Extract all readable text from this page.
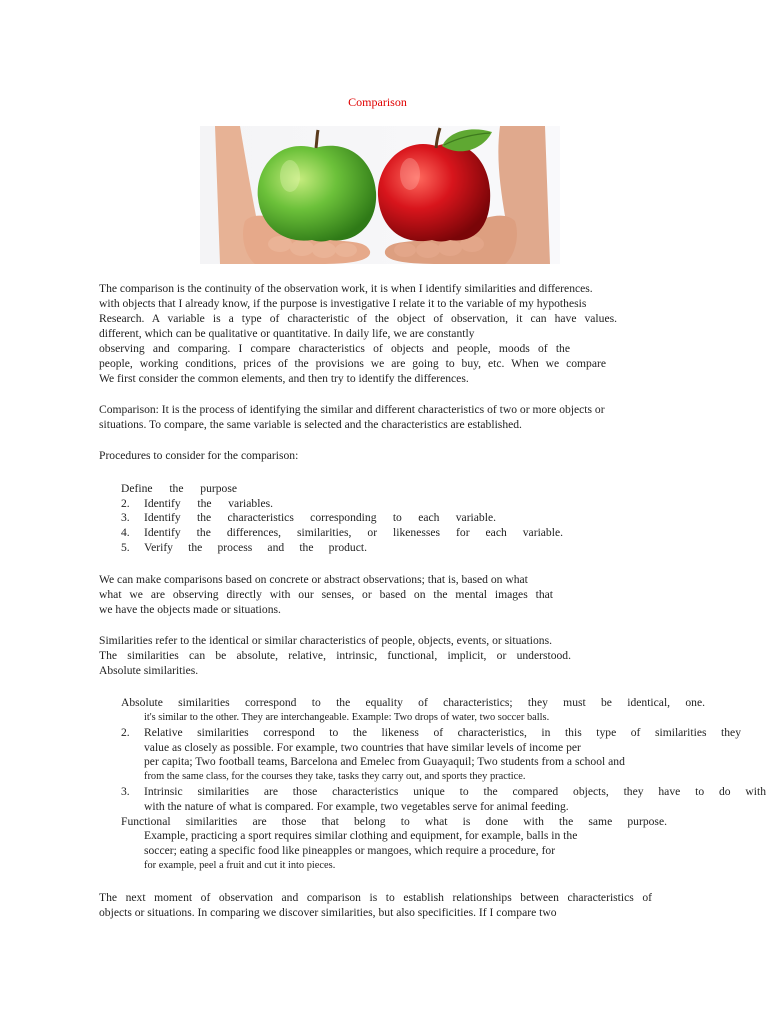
Comparison
The comparison is the continuity of the observation work, it is when I identify similarities and differences.
with objects that I already know, if the purpose is investigative I relate it to the variable of my hypothesis
Research. A variable is a type of characteristic of the object of observation, it can have values.
different, which can be qualitative or quantitative. In daily life, we are constantly
observing and comparing. I compare characteristics of objects and people, moods of the
people, working conditions, prices of the provisions we are going to buy, etc. When we compare
We first consider the common elements, and then try to identify the differences.
Comparison: It is the process of identifying the similar and different characteristics of two or more objects or
situations. To compare, the same variable is selected and the characteristics are established.
Procedures to consider for the comparison:
Define the purpose
2. Identify the variables.
3. Identify the characteristics corresponding to each variable.
4. Identify the differences, similarities, or likenesses for each variable.
5. Verify the process and the product.
We can make comparisons based on concrete or abstract observations; that is, based on what
what we are observing directly with our senses, or based on the mental images that
we have the objects made or situations.
Similarities refer to the identical or similar characteristics of people, objects, events, or situations.
The similarities can be absolute, relative, intrinsic, functional, implicit, or understood.
Absolute similarities.
Absolute similarities correspond to the equality of characteristics; they must be identical, one.
it's similar to the other. They are interchangeable. Example: Two drops of water, two soccer balls.
2. Relative similarities correspond to the likeness of characteristics, in this type of similarities they
value as closely as possible. For example, two countries that have similar levels of income per
per capita; Two football teams, Barcelona and Emelec from Guayaquil; Two students from a school and
from the same class, for the courses they take, tasks they carry out, and sports they practice.
3. Intrinsic similarities are those characteristics unique to the compared objects, they have to do with
with the nature of what is compared. For example, two vegetables serve for animal feeding.
Functional similarities are those that belong to what is done with the same purpose.
Example, practicing a sport requires similar clothing and equipment, for example, balls in the
soccer; eating a specific food like pineapples or mangoes, which require a procedure, for
for example, peel a fruit and cut it into pieces.
The next moment of observation and comparison is to establish relationships between characteristics of
objects or situations. In comparing we discover similarities, but also specificities. If I compare two
